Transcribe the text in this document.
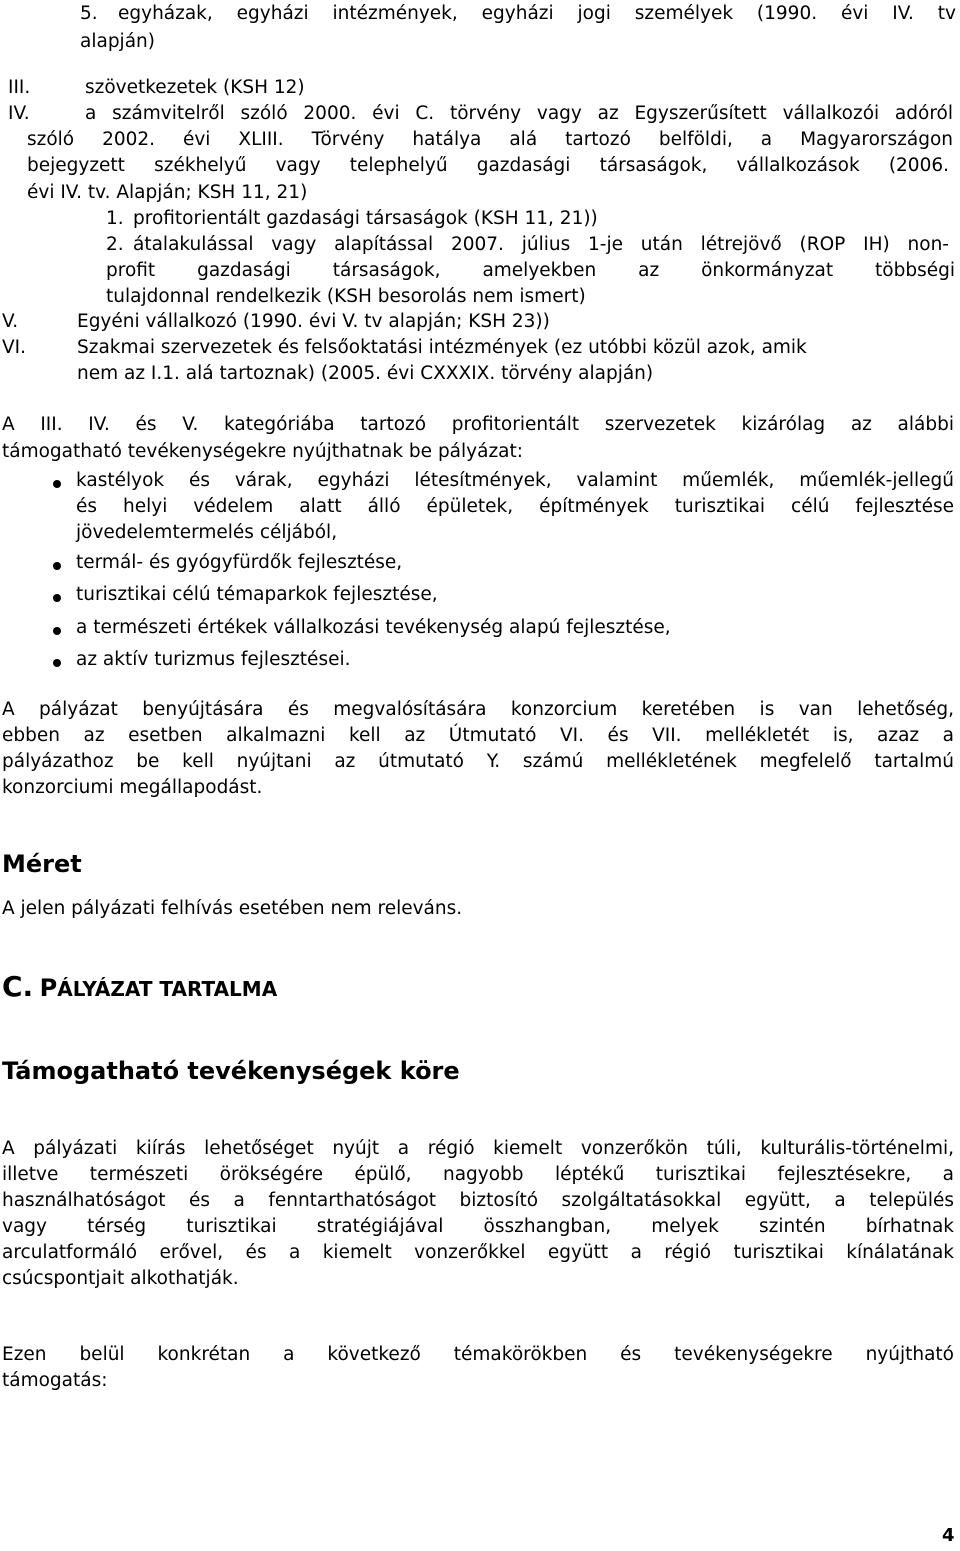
5. egyházak, egyházi intézmények, egyházi jogi személyek (1990. évi IV. tv
alapján)
III.	szövetkezetek (KSH 12)
IV.	a számvitelről szóló 2000. évi C. törvény vagy az Egyszerűsített vállalkozói adóról
szóló 2002. évi XLIII. Törvény hatálya alá tartozó belföldi, a Magyarországon
bejegyzett székhelyű vagy telephelyű gazdasági társaságok, vállalkozások (2006.
évi IV. tv. Alapján; KSH 11, 21)
1. profitorientált gazdasági társaságok (KSH 11, 21))
2. átalakulással vagy alapítással 2007. július 1-je után létrejövő (ROP IH) non-
profit gazdasági társaságok, amelyekben az önkormányzat többségi
tulajdonnal rendelkezik (KSH besorolás nem ismert)
V.	Egyéni vállalkozó (1990. évi V. tv alapján; KSH 23))
VI.	Szakmai szervezetek és felsőoktatási intézmények (ez utóbbi közül azok, amik
nem az I.1. alá tartoznak) (2005. évi CXXXIX. törvény alapján)
A III. IV. és V. kategóriába tartozó profitorientált szervezetek kizárólag az alábbi
támogatható tevékenységekre nyújthatnak be pályázat:
kastélyok és várak, egyházi létesítmények, valamint műemlék, műemlék-jellegű
és helyi védelem alatt álló épületek, építmények turisztikai célú fejlesztése
jövedelemtermelés céljából,
termál- és gyógyfürdők fejlesztése,
turisztikai célú témaparkok fejlesztése,
a természeti értékek vállalkozási tevékenység alapú fejlesztése,
az aktív turizmus fejlesztései.
A pályázat benyújtására és megvalósítására konzorcium keretében is van lehetőség,
ebben az esetben alkalmazni kell az Útmutató VI. és VII. mellékletét is, azaz a
pályázathoz be kell nyújtani az útmutató Y. számú mellékletének megfelelő tartalmú
konzorciumi megállapodást.
Méret
A jelen pályázati felhívás esetében nem releváns.
C. PÁLYÁZAT TARTALMA
Támogatható tevékenységek köre
A pályázati kiírás lehetőséget nyújt a régió kiemelt vonzerőkön túli, kulturális-történelmi,
illetve természeti örökségére épülő, nagyobb léptékű turisztikai fejlesztésekre, a
használhatóságot és a fenntarthatóságot biztosító szolgáltatásokkal együtt, a település
vagy térség turisztikai stratégiájával összhangban, melyek szintén bírhatnak
arculatformáló erővel, és a kiemelt vonzerőkkel együtt a régió turisztikai kínálatának
csúcspontjait alkothatják.
Ezen belül konkrétan a következő témakörökben és tevékenységekre nyújtható
támogatás:
4
